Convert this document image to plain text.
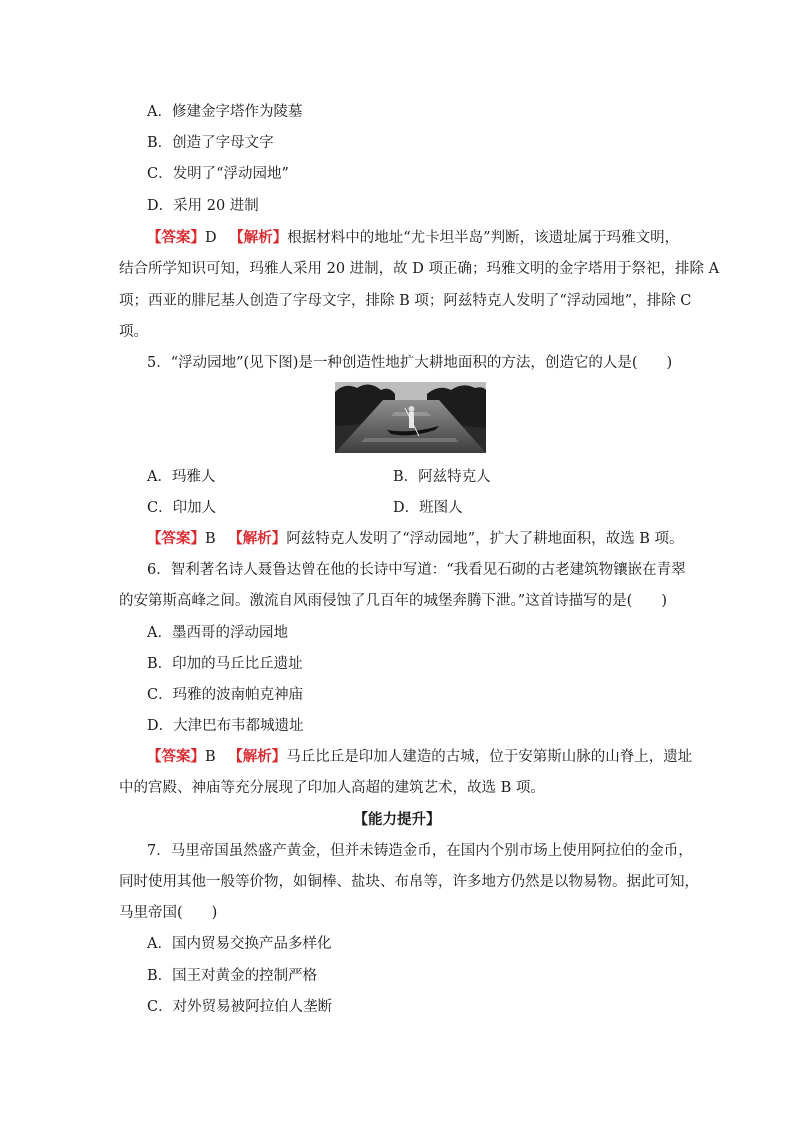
A．修建金字塔作为陵墓
B．创造了字母文字
C．发明了“浮动园地”
D．采用 20 进制
【答案】D 【解析】根据材料中的地址“尤卡坦半岛”判断，该遗址属于玛雅文明，
结合所学知识可知，玛雅人采用 20 进制，故 D 项正确；玛雅文明的金字塔用于祭祀，排除 A
项；西亚的腓尼基人创造了字母文字，排除 B 项；阿兹特克人发明了“浮动园地”，排除 C
项。
5．“浮动园地”(见下图)是一种创造性地扩大耕地面积的方法，创造它的人是(　　)
A．玛雅人	B．阿兹特克人
C．印加人	D．班图人
【答案】B 【解析】阿兹特克人发明了“浮动园地”，扩大了耕地面积，故选 B 项。
6．智利著名诗人聂鲁达曾在他的长诗中写道：“我看见石砌的古老建筑物镶嵌在青翠
的安第斯高峰之间。激流自风雨侵蚀了几百年的城堡奔腾下泄。”这首诗描写的是(　　)
A．墨西哥的浮动园地
B．印加的马丘比丘遗址
C．玛雅的波南帕克神庙
D．大津巴布韦都城遗址
【答案】B 【解析】马丘比丘是印加人建造的古城，位于安第斯山脉的山脊上，遗址
中的宫殿、神庙等充分展现了印加人高超的建筑艺术，故选 B 项。
【能力提升】
7．马里帝国虽然盛产黄金，但并未铸造金币，在国内个别市场上使用阿拉伯的金币，
同时使用其他一般等价物，如铜棒、盐块、布帛等，许多地方仍然是以物易物。据此可知，
马里帝国(　　)
A．国内贸易交换产品多样化
B．国王对黄金的控制严格
C．对外贸易被阿拉伯人垄断
